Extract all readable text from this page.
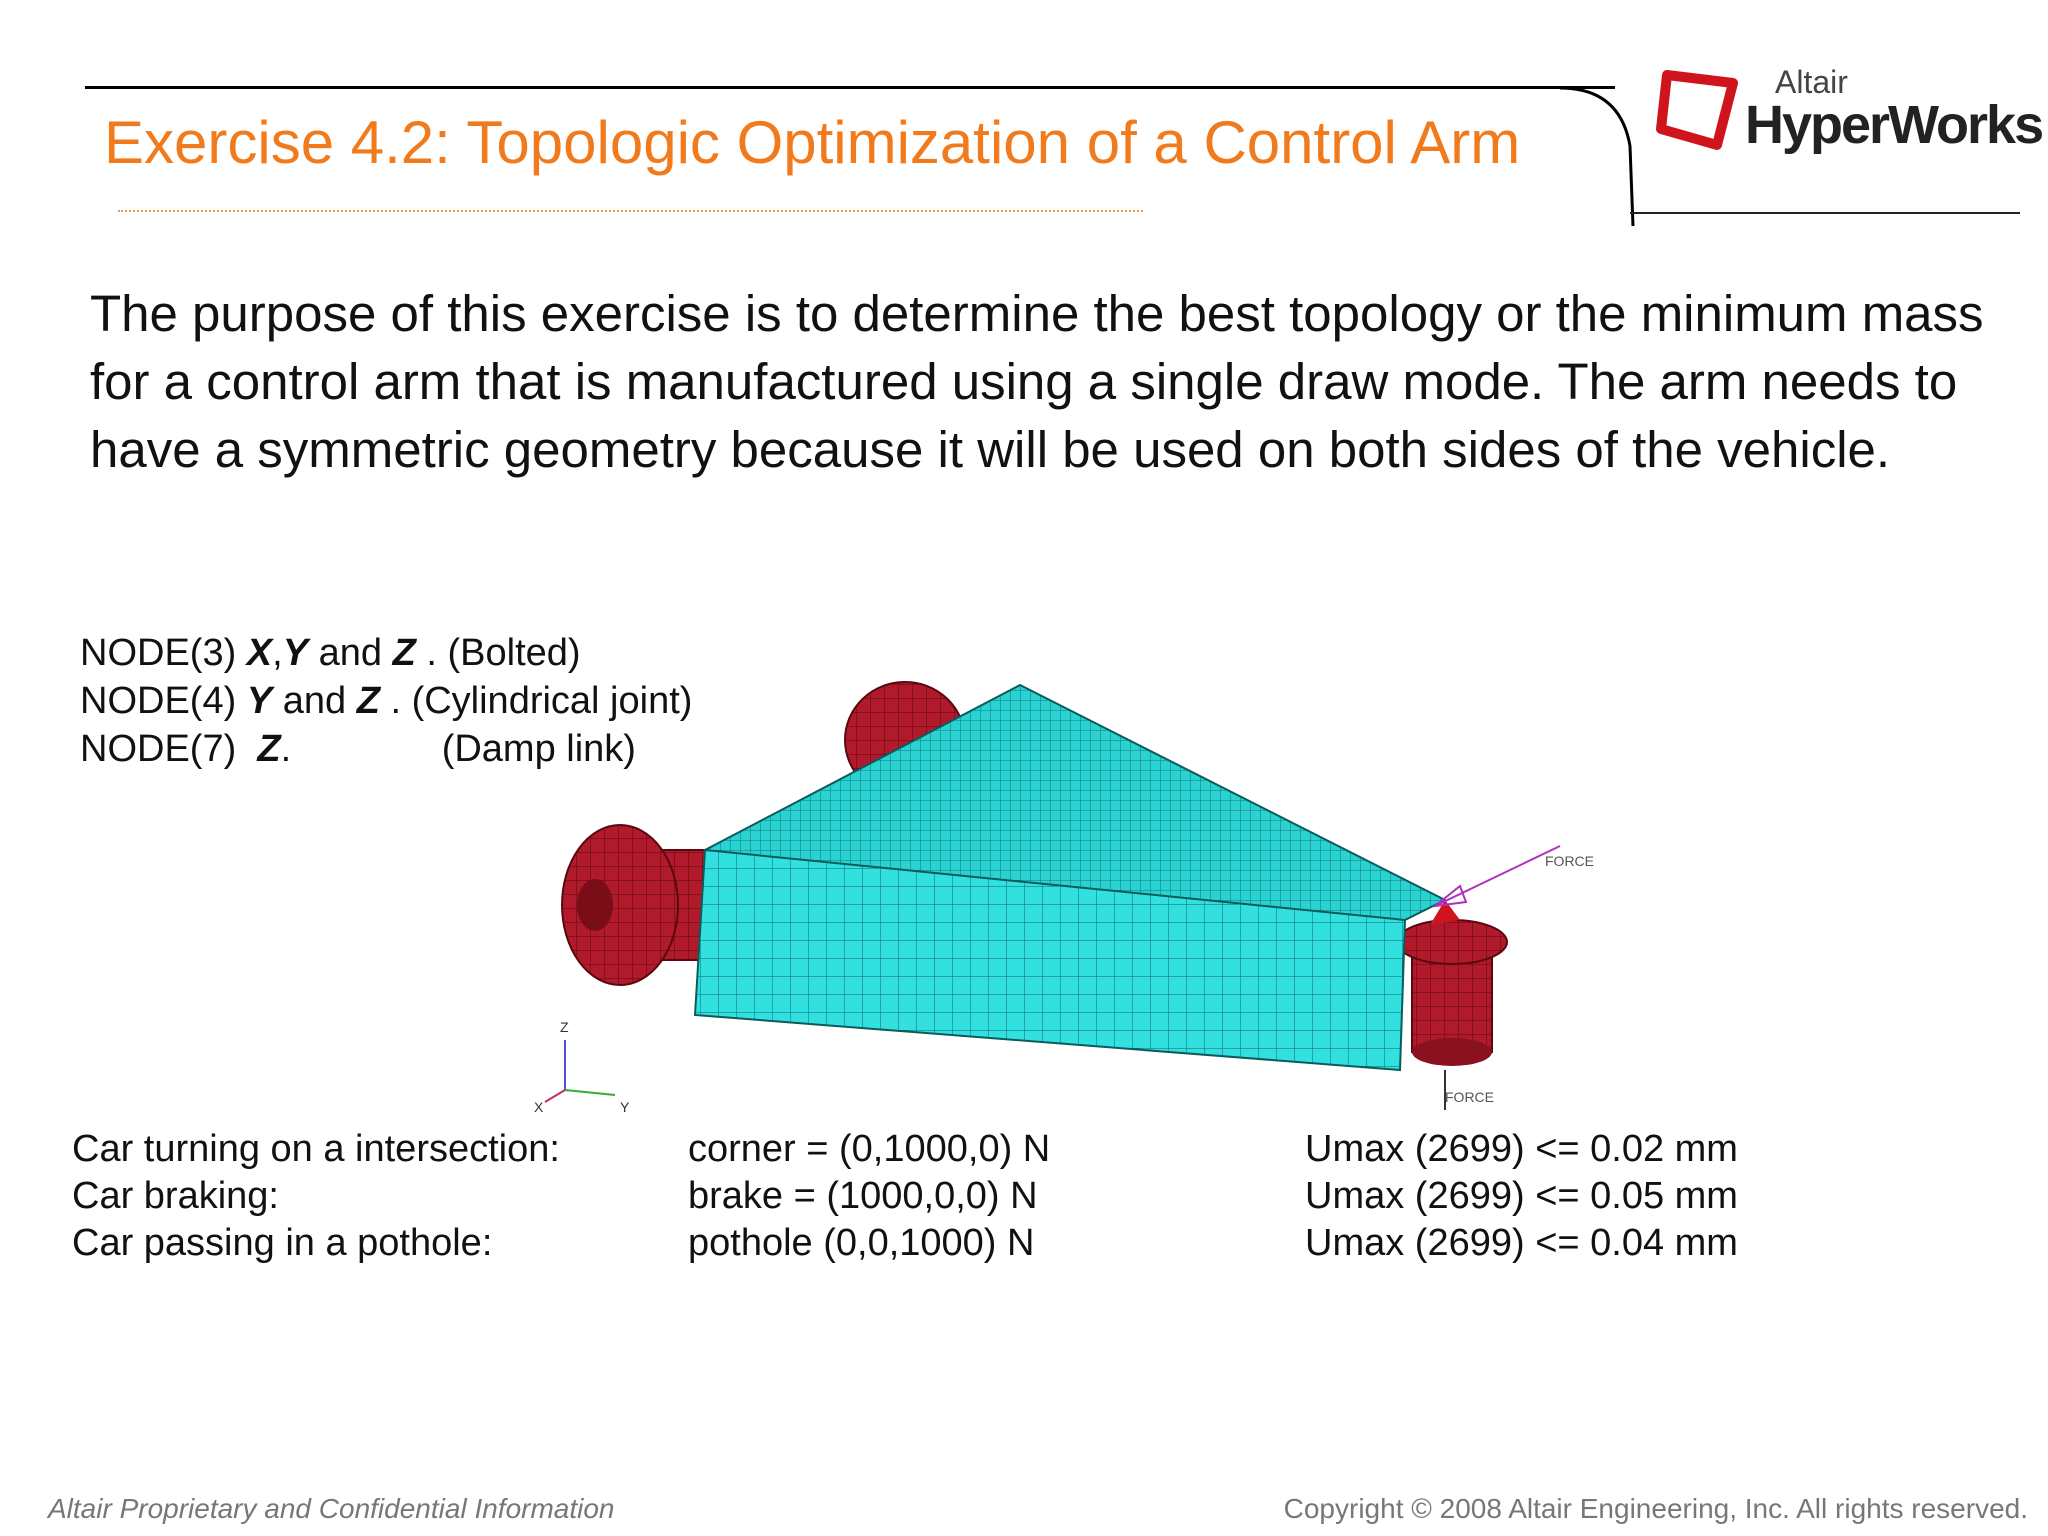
Exercise 4.2: Topologic Optimization of a Control Arm
Altair
HyperWorks
The purpose of this exercise is to determine the best topology or the minimum mass for a control arm that is manufactured using a single draw mode. The arm needs to have a symmetric geometry because it will be used on both sides of the vehicle.
NODE(3) X,Y and Z . (Bolted)
NODE(4) Y and Z . (Cylindrical joint)
NODE(7) Z.	(Damp link)
FORCE
FORCE
Z
Y
X
Car turning on a intersection:	corner = (0,1000,0) N	Umax (2699) <= 0.02 mm
Car braking:	brake = (1000,0,0) N	Umax (2699) <= 0.05 mm
Car passing in a pothole:	pothole (0,0,1000) N	Umax (2699) <= 0.04 mm
Altair Proprietary and Confidential Information	Copyright © 2008 Altair Engineering, Inc. All rights reserved.
